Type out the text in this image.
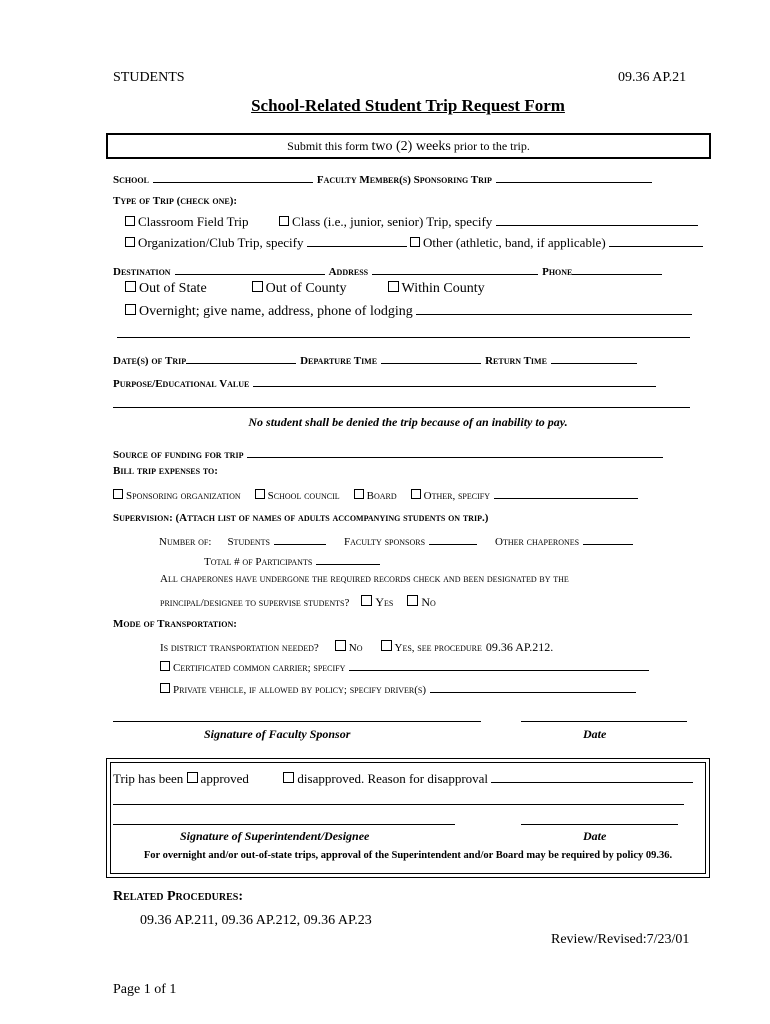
STUDENTS	09.36 AP.21
School-Related Student Trip Request Form
Submit this form two (2) weeks prior to the trip.
School	Faculty Member(s) Sponsoring Trip
Type of Trip (check one):
Classroom Field Trip	Class (i.e., junior, senior) Trip, specify
Organization/Club Trip, specify	Other (athletic, band, if applicable)
Destination	Address	Phone
Out of State	Out of County	Within County
Overnight; give name, address, phone of lodging
Date(s) of Trip	Departure Time	Return Time
Purpose/Educational Value
No student shall be denied the trip because of an inability to pay.
Source of funding for trip
Bill trip expenses to:
Sponsoring organization School council Board Other, specify
Supervision: (Attach list of names of adults accompanying students on trip.)
Number of: Students	Faculty sponsors	Other chaperones
Total # of Participants
All chaperones have undergone the required records check and been designated by the
principal/designee to supervise students? Yes No
Mode of Transportation:
Is district transportation needed?	No	Yes, see procedure 09.36 AP.212.
Certificated common carrier; specify
Private vehicle, if allowed by policy; specify driver(s)
Signature of Faculty Sponsor	Date
Trip has been approved	disapproved. Reason for disapproval
Signature of Superintendent/Designee	Date
For overnight and/or out-of-state trips, approval of the Superintendent and/or Board may be required by policy 09.36.
Related Procedures:
09.36 AP.211, 09.36 AP.212, 09.36 AP.23
Review/Revised:7/23/01
Page 1 of 1
